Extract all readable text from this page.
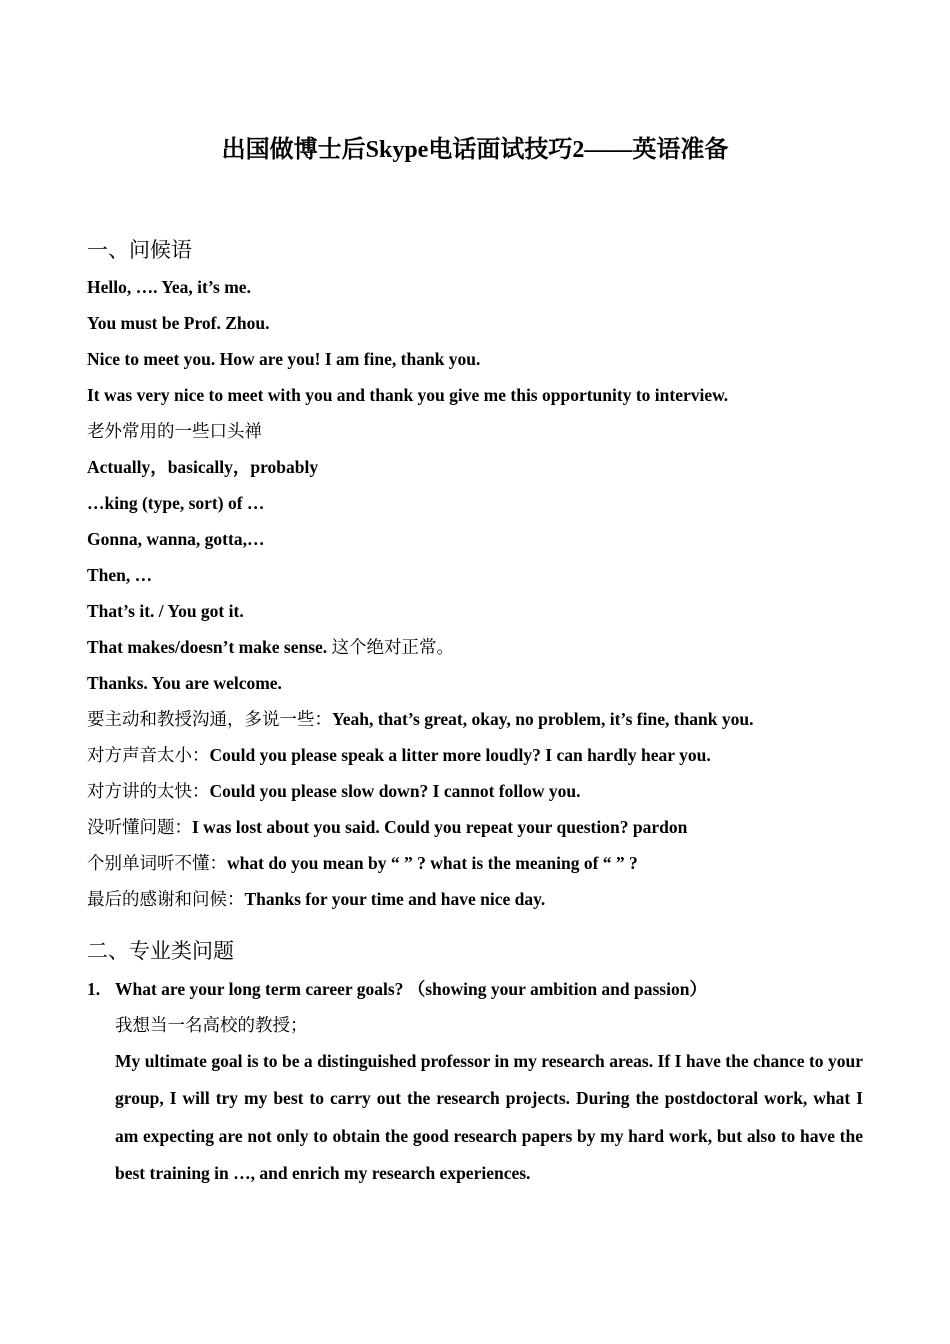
出国做博士后Skype电话面试技巧2——英语准备
一、问候语
Hello, …. Yea, it’s me.
You must be Prof. Zhou.
Nice to meet you. How are you! I am fine, thank you.
It was very nice to meet with you and thank you give me this opportunity to interview.
老外常用的一些口头禅
Actually，basically，probably
…king (type, sort) of …
Gonna, wanna, gotta,…
Then, …
That’s it. / You got it.
That makes/doesn’t make sense. 这个绝对正常。
Thanks. You are welcome.
要主动和教授沟通，多说一些：Yeah, that’s great, okay, no problem, it’s fine, thank you.
对方声音太小：Could you please speak a litter more loudly? I can hardly hear you.
对方讲的太快：Could you please slow down? I cannot follow you.
没听懂问题：I was lost about you said. Could you repeat your question? pardon
个别单词听不懂：what do you mean by “ ” ? what is the meaning of “ ” ?
最后的感谢和问候：Thanks for your time and have nice day.
二、专业类问题
1. What are your long term career goals? （showing your ambition and passion）
我想当一名高校的教授；

My ultimate goal is to be a distinguished professor in my research areas. If I have the chance to your group, I will try my best to carry out the research projects. During the postdoctoral work, what I am expecting are not only to obtain the good research papers by my hard work, but also to have the best training in …, and enrich my research experiences.
